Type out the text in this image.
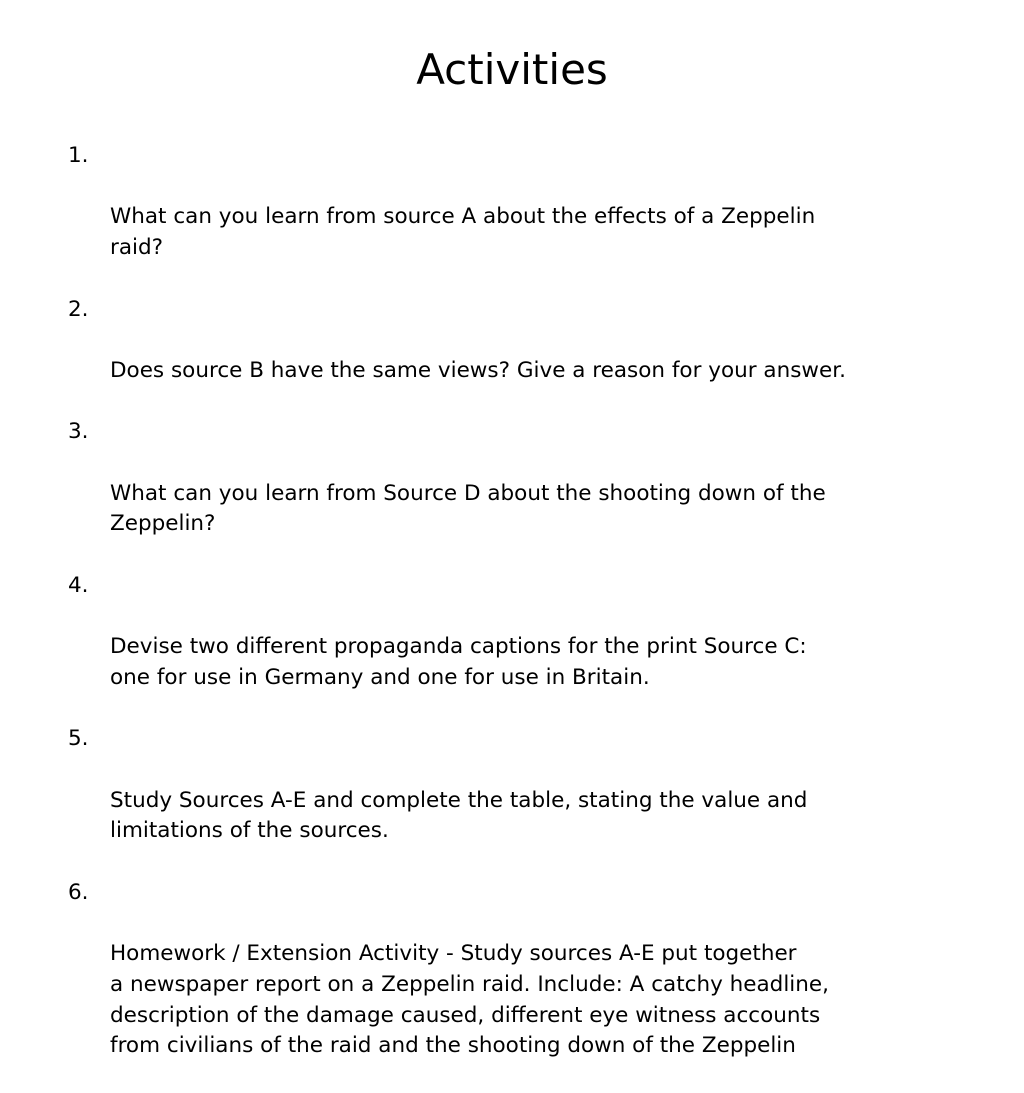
Activities

1.

What can you learn from source A about the effects of a Zeppelin
raid?

2.

Does source B have the same views? Give a reason for your answer.

3.

What can you learn from Source D about the shooting down of the
Zeppelin?

4.

Devise two different propaganda captions for the print Source C:
one for use in Germany and one for use in Britain.

5.

Study Sources A-E and complete the table, stating the value and
limitations of the sources.

6.

Homework / Extension Activity - Study sources A-E put together
a newspaper report on a Zeppelin raid. Include: A catchy headline,
description of the damage caused, different eye witness accounts
from civilians of the raid and the shooting down of the Zeppelin
